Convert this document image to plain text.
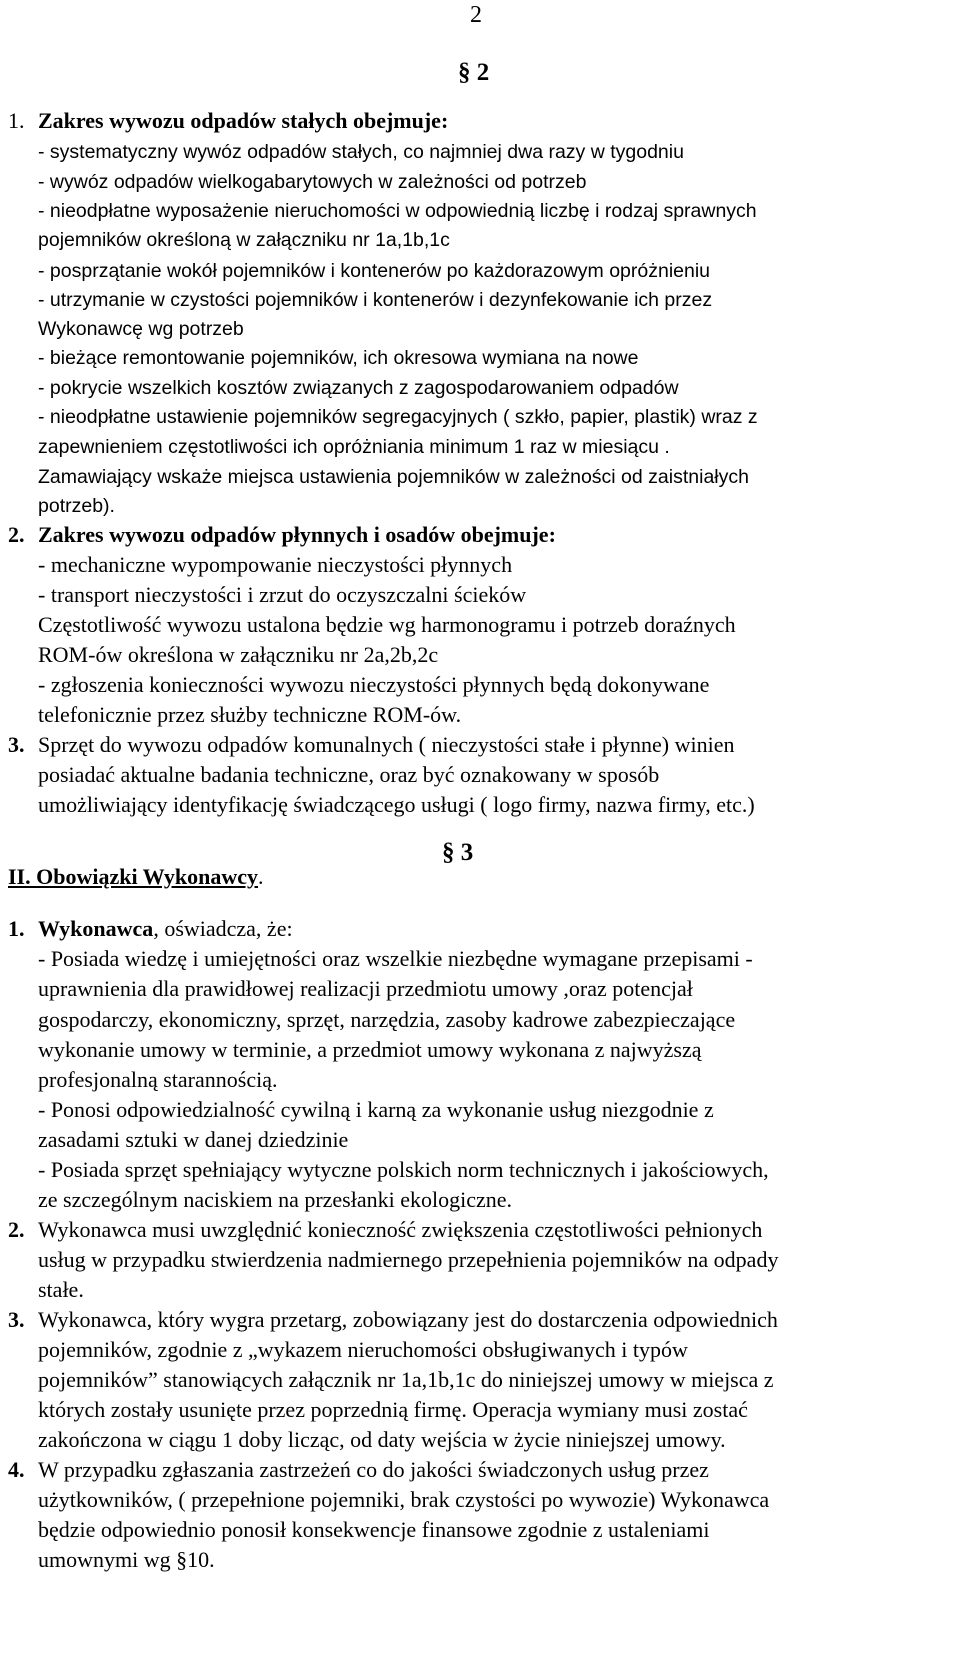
2
§ 2
1. Zakres wywozu odpadów stałych obejmuje:
- systematyczny wywóz odpadów stałych, co najmniej dwa razy w tygodniu
- wywóz odpadów wielkogabarytowych w zależności od potrzeb
- nieodpłatne wyposażenie nieruchomości w odpowiednią liczbę i rodzaj sprawnych
pojemników określoną w załączniku nr 1a,1b,1c
- posprzątanie wokół pojemników i kontenerów po każdorazowym opróżnieniu
- utrzymanie w czystości pojemników i kontenerów i dezynfekowanie ich przez
Wykonawcę wg potrzeb
- bieżące remontowanie pojemników, ich okresowa wymiana na nowe
- pokrycie wszelkich kosztów związanych z zagospodarowaniem odpadów
- nieodpłatne ustawienie pojemników segregacyjnych ( szkło, papier, plastik) wraz z
zapewnieniem częstotliwości ich opróżniania minimum 1 raz w miesiącu .
Zamawiający wskaże miejsca ustawienia pojemników w zależności od zaistniałych
potrzeb).
2. Zakres wywozu odpadów płynnych i osadów obejmuje:
- mechaniczne wypompowanie nieczystości płynnych
- transport nieczystości i zrzut do oczyszczalni ścieków
Częstotliwość wywozu ustalona będzie wg harmonogramu i potrzeb doraźnych
ROM-ów określona w załączniku nr 2a,2b,2c
- zgłoszenia konieczności wywozu nieczystości płynnych będą dokonywane
telefonicznie przez służby techniczne ROM-ów.
3. Sprzęt do wywozu odpadów komunalnych ( nieczystości stałe i płynne) winien
posiadać aktualne badania techniczne, oraz być oznakowany w sposób
umożliwiający identyfikację świadczącego usługi ( logo firmy, nazwa firmy, etc.)
§ 3
II. Obowiązki Wykonawcy.
1. Wykonawca, oświadcza, że:
- Posiada wiedzę i umiejętności oraz wszelkie niezbędne wymagane przepisami -
uprawnienia dla prawidłowej realizacji przedmiotu umowy ,oraz potencjał
gospodarczy, ekonomiczny, sprzęt, narzędzia, zasoby kadrowe zabezpieczające
wykonanie umowy w terminie, a przedmiot umowy wykonana z najwyższą
profesjonalną starannością.
- Ponosi odpowiedzialność cywilną i karną za wykonanie usług niezgodnie z
zasadami sztuki w danej dziedzinie
- Posiada sprzęt spełniający wytyczne polskich norm technicznych i jakościowych,
ze szczególnym naciskiem na przesłanki ekologiczne.
2. Wykonawca musi uwzględnić konieczność zwiększenia częstotliwości pełnionych
usług w przypadku stwierdzenia nadmiernego przepełnienia pojemników na odpady
stałe.
3. Wykonawca, który wygra przetarg, zobowiązany jest do dostarczenia odpowiednich
pojemników, zgodnie z „wykazem nieruchomości obsługiwanych i typów
pojemników” stanowiących załącznik nr 1a,1b,1c do niniejszej umowy w miejsca z
których zostały usunięte przez poprzednią firmę. Operacja wymiany musi zostać
zakończona w ciągu 1 doby licząc, od daty wejścia w życie niniejszej umowy.
4. W przypadku zgłaszania zastrzeżeń co do jakości świadczonych usług przez
użytkowników, ( przepełnione pojemniki, brak czystości po wywozie) Wykonawca
będzie odpowiednio ponosił konsekwencje finansowe zgodnie z ustaleniami
umownymi wg §10.
